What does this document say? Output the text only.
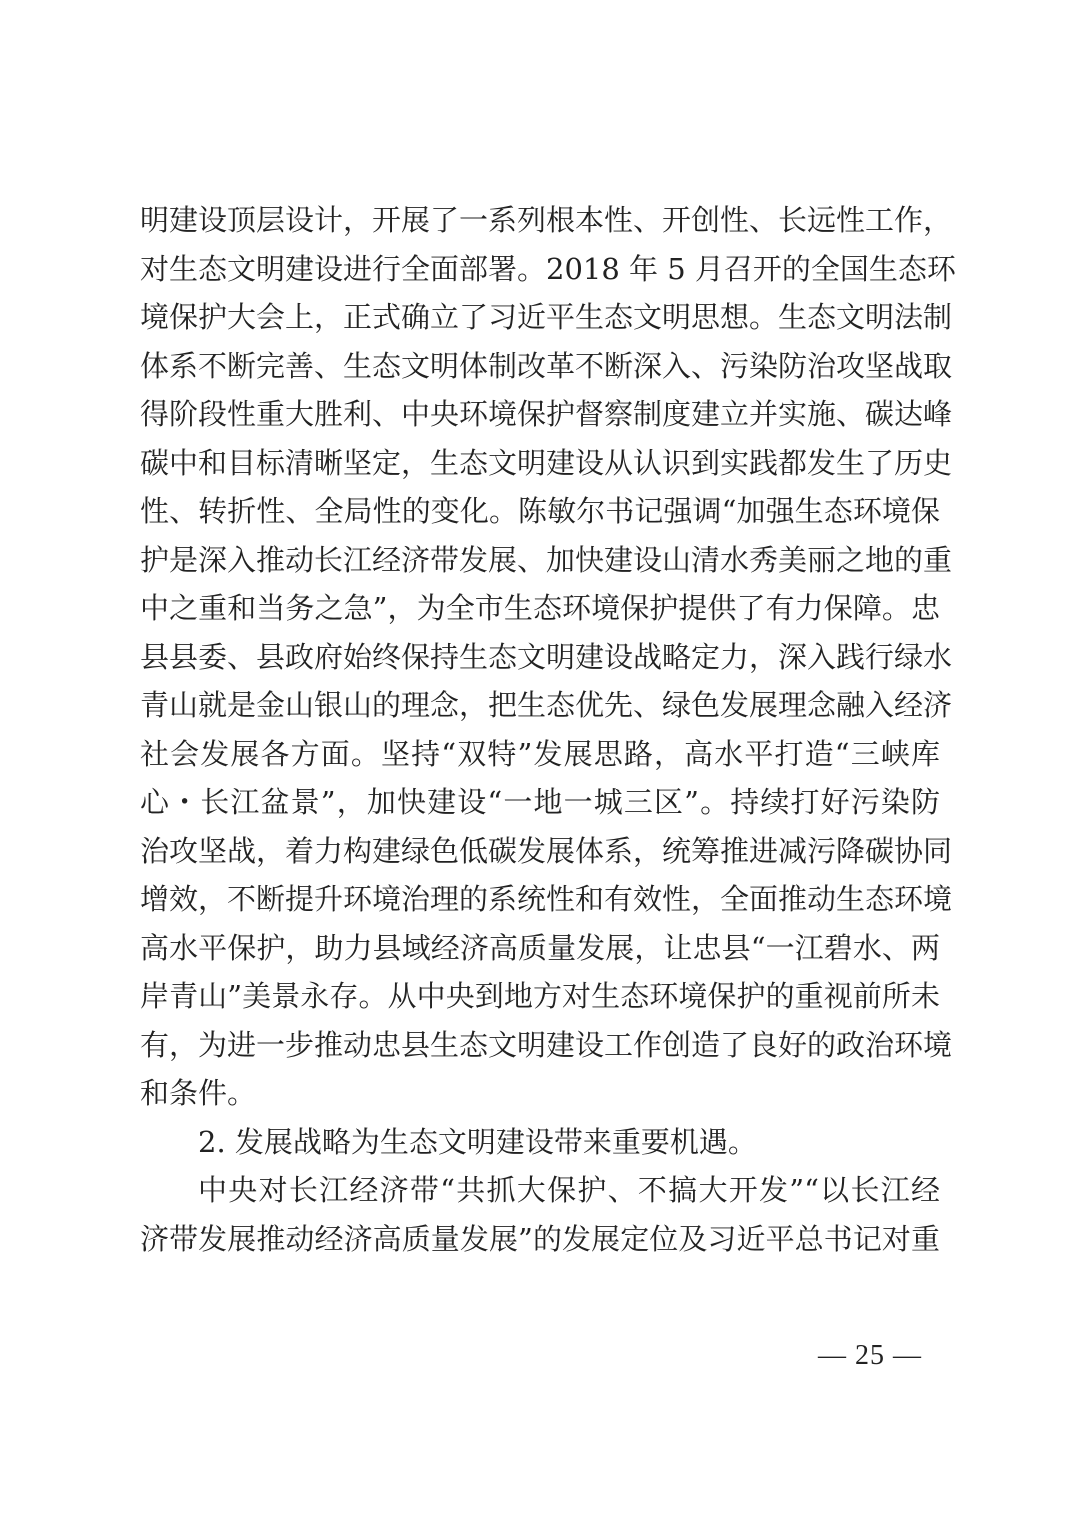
明建设顶层设计，开展了一系列根本性、开创性、长远性工作，
对生态文明建设进行全面部署。2018 年 5 月召开的全国生态环
境保护大会上，正式确立了习近平生态文明思想。生态文明法制
体系不断完善、生态文明体制改革不断深入、污染防治攻坚战取
得阶段性重大胜利、中央环境保护督察制度建立并实施、碳达峰
碳中和目标清晰坚定，生态文明建设从认识到实践都发生了历史
性、转折性、全局性的变化。陈敏尔书记强调“加强生态环境保
护是深入推动长江经济带发展、加快建设山清水秀美丽之地的重
中之重和当务之急”，为全市生态环境保护提供了有力保障。忠
县县委、县政府始终保持生态文明建设战略定力，深入践行绿水
青山就是金山银山的理念，把生态优先、绿色发展理念融入经济
社会发展各方面。坚持“双特”发展思路，高水平打造“三峡库
心・长江盆景”，加快建设“一地一城三区”。持续打好污染防
治攻坚战，着力构建绿色低碳发展体系，统筹推进减污降碳协同
增效，不断提升环境治理的系统性和有效性，全面推动生态环境
高水平保护，助力县域经济高质量发展，让忠县“一江碧水、两
岸青山”美景永存。从中央到地方对生态环境保护的重视前所未
有，为进一步推动忠县生态文明建设工作创造了良好的政治环境
和条件。
2. 发展战略为生态文明建设带来重要机遇。
中央对长江经济带“共抓大保护、不搞大开发”“以长江经
济带发展推动经济高质量发展”的发展定位及习近平总书记对重
— 25 —
